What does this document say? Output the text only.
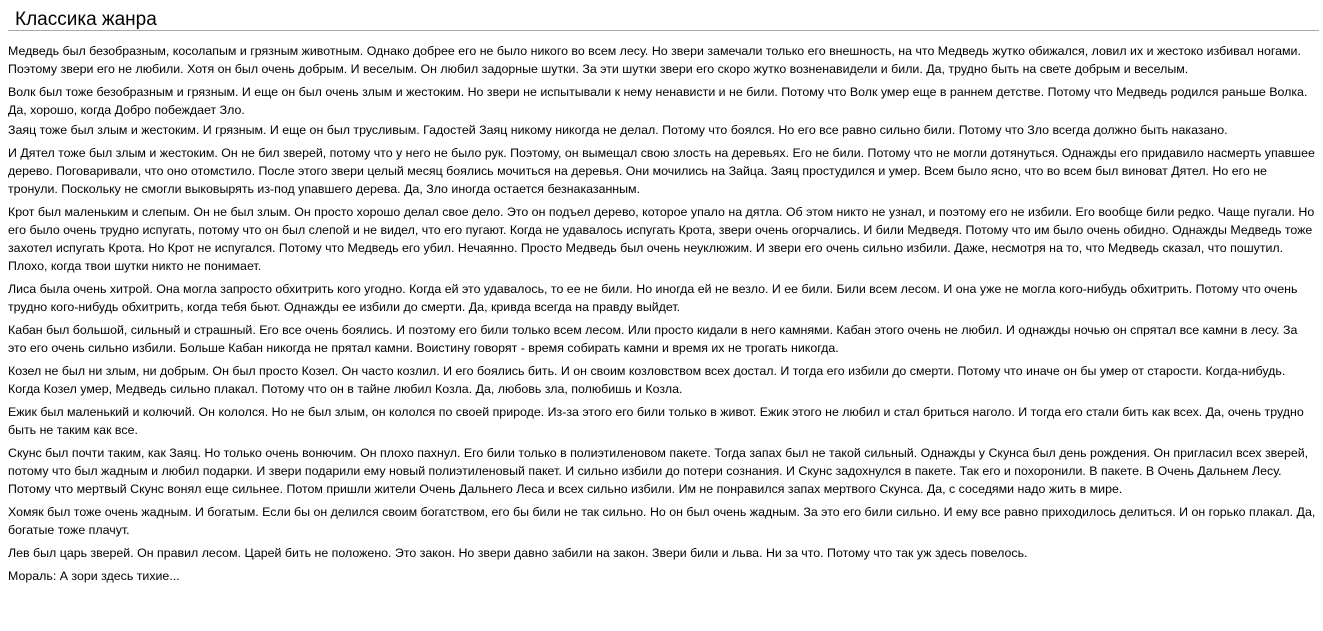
Классика жанра

Медведь был безобразным, косолапым и грязным животным. Однако добрее его не было никого во всем лесу. Но звери замечали только его внешность, на что Медведь жутко обижался, ловил их и жестоко избивал ногами. Поэтому звери его не любили. Хотя он был очень добрым. И веселым. Он любил задорные шутки. За эти шутки звери его скоро жутко возненавидели и били. Да, трудно быть на свете добрым и веселым.

Волк был тоже безобразным и грязным. И еще он был очень злым и жестоким. Но звери не испытывали к нему ненависти и не били. Потому что Волк умер еще в раннем детстве. Потому что Медведь родился раньше Волка. Да, хорошо, когда Добро побеждает Зло.

Заяц тоже был злым и жестоким. И грязным. И еще он был трусливым. Гадостей Заяц никому никогда не делал. Потому что боялся. Но его все равно сильно били. Потому что Зло всегда должно быть наказано.

И Дятел тоже был злым и жестоким. Он не бил зверей, потому что у него не было рук. Поэтому, он вымещал свою злость на деревьях. Его не били. Потому что не могли дотянуться. Однажды его придавило насмерть упавшее дерево. Поговаривали, что оно отомстило. После этого звери целый месяц боялись мочиться на деревья. Они мочились на Зайца. Заяц простудился и умер. Всем было ясно, что во всем был виноват Дятел. Но его не тронули. Поскольку не смогли выковырять из-под упавшего дерева. Да, Зло иногда остается безнаказанным.

Крот был маленьким и слепым. Он не был злым. Он просто хорошо делал свое дело. Это он подъел дерево, которое упало на дятла. Об этом никто не узнал, и поэтому его не избили. Его вообще били редко. Чаще пугали. Но его было очень трудно испугать, потому что он был слепой и не видел, что его пугают. Когда не удавалось испугать Крота, звери очень огорчались. И били Медведя. Потому что им было очень обидно. Однажды Медведь тоже захотел испугать Крота. Но Крот не испугался. Потому что Медведь его убил. Нечаянно. Просто Медведь был очень неуклюжим. И звери его очень сильно избили. Даже, несмотря на то, что Медведь сказал, что пошутил. Плохо, когда твои шутки никто не понимает.

Лиса была очень хитрой. Она могла запросто обхитрить кого угодно. Когда ей это удавалось, то ее не били. Но иногда ей не везло. И ее били. Били всем лесом. И она уже не могла кого-нибудь обхитрить. Потому что очень трудно кого-нибудь обхитрить, когда тебя бьют. Однажды ее избили до смерти. Да, кривда всегда на правду выйдет.

Кабан был большой, сильный и страшный. Его все очень боялись. И поэтому его били только всем лесом. Или просто кидали в него камнями. Кабан этого очень не любил. И однажды ночью он спрятал все камни в лесу. За это его очень сильно избили. Больше Кабан никогда не прятал камни. Воистину говорят - время собирать камни и время их не трогать никогда.

Козел не был ни злым, ни добрым. Он был просто Козел. Он часто козлил. И его боялись бить. И он своим козловством всех достал. И тогда его избили до смерти. Потому что иначе он бы умер от старости. Когда-нибудь. Когда Козел умер, Медведь сильно плакал. Потому что он в тайне любил Козла. Да, любовь зла, полюбишь и Козла.

Ежик был маленький и колючий. Он кололся. Но не был злым, он кололся по своей природе. Из-за этого его били только в живот. Ежик этого не любил и стал бриться наголо. И тогда его стали бить как всех. Да, очень трудно быть не таким как все.

Скунс был почти таким, как Заяц. Но только очень вонючим. Он плохо пахнул. Его били только в полиэтиленовом пакете. Тогда запах был не такой сильный. Однажды у Скунса был день рождения. Он пригласил всех зверей, потому что был жадным и любил подарки. И звери подарили ему новый полиэтиленовый пакет. И сильно избили до потери сознания. И Скунс задохнулся в пакете. Так его и похоронили. В пакете. В Очень Дальнем Лесу. Потому что мертвый Скунс вонял еще сильнее. Потом пришли жители Очень Дальнего Леса и всех сильно избили. Им не понравился запах мертвого Скунса. Да, с соседями надо жить в мире.

Хомяк был тоже очень жадным. И богатым. Если бы он делился своим богатством, его бы били не так сильно. Но он был очень жадным. За это его били сильно. И ему все равно приходилось делиться. И он горько плакал. Да, богатые тоже плачут.

Лев был царь зверей. Он правил лесом. Царей бить не положено. Это закон. Но звери давно забили на закон. Звери били и льва. Ни за что. Потому что так уж здесь повелось.

Мораль: А зори здесь тихие...
